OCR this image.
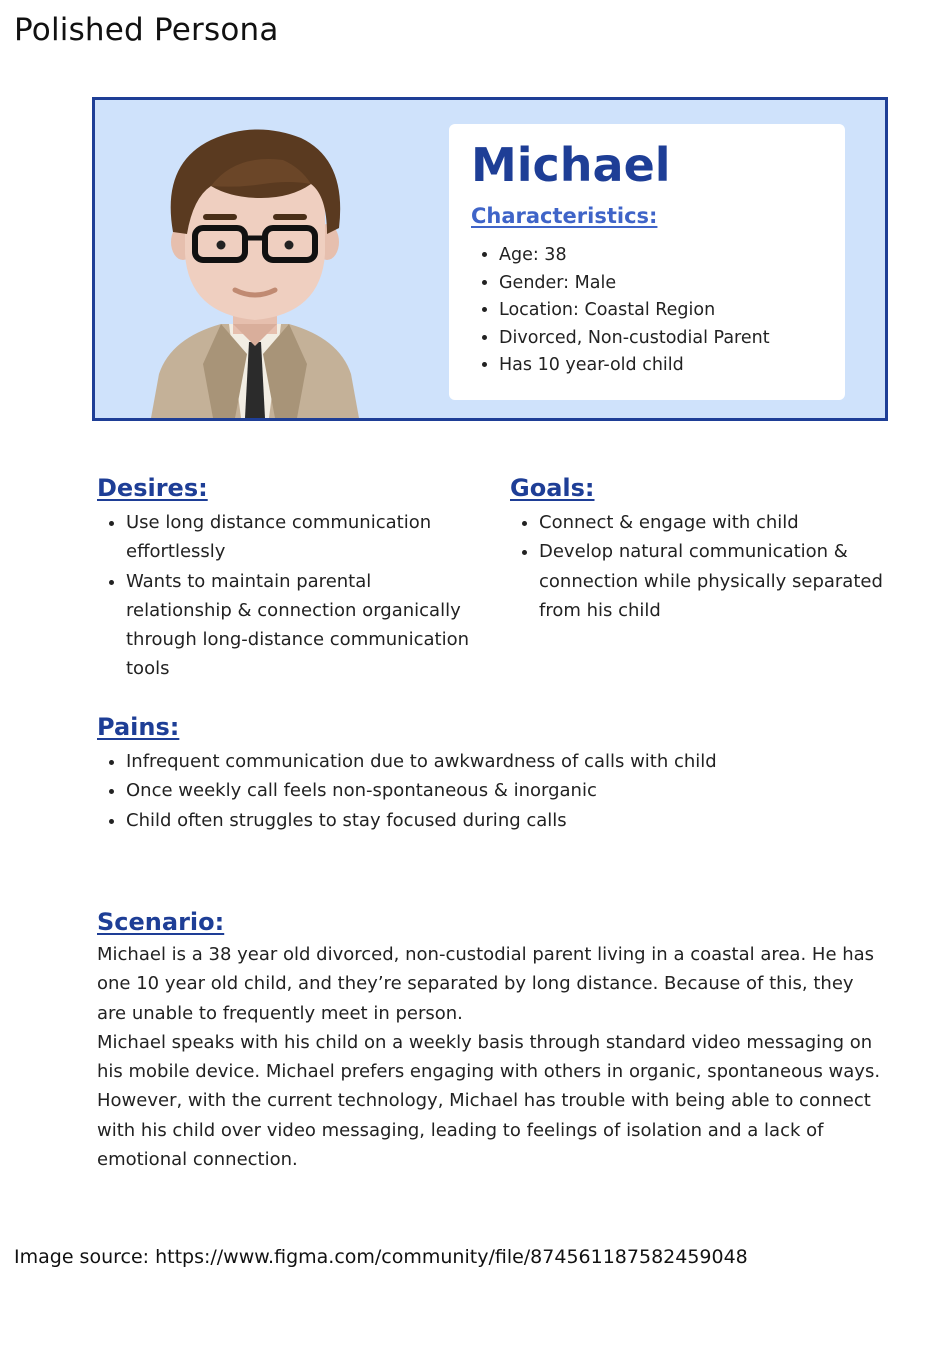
Polished Persona
Michael
Characteristics:
• Age: 38
• Gender: Male
• Location: Coastal Region
• Divorced, Non-custodial Parent
• Has 10 year-old child
Desires:
• Use long distance communication effortlessly
• Wants to maintain parental relationship & connection organically through long-distance communication tools
Goals:
• Connect & engage with child
• Develop natural communication & connection while physically separated from his child
Pains:
• Infrequent communication due to awkwardness of calls with child
• Once weekly call feels non-spontaneous & inorganic
• Child often struggles to stay focused during calls
Scenario:

Michael is a 38 year old divorced, non-custodial parent living in a coastal area. He has one 10 year old child, and they’re separated by long distance. Because of this, they are unable to frequently meet in person.

Michael speaks with his child on a weekly basis through standard video messaging on his mobile device. Michael prefers engaging with others in organic, spontaneous ways. However, with the current technology, Michael has trouble with being able to connect with his child over video messaging, leading to feelings of isolation and a lack of emotional connection.

Image source: https://www.figma.com/community/file/874561187582459048
